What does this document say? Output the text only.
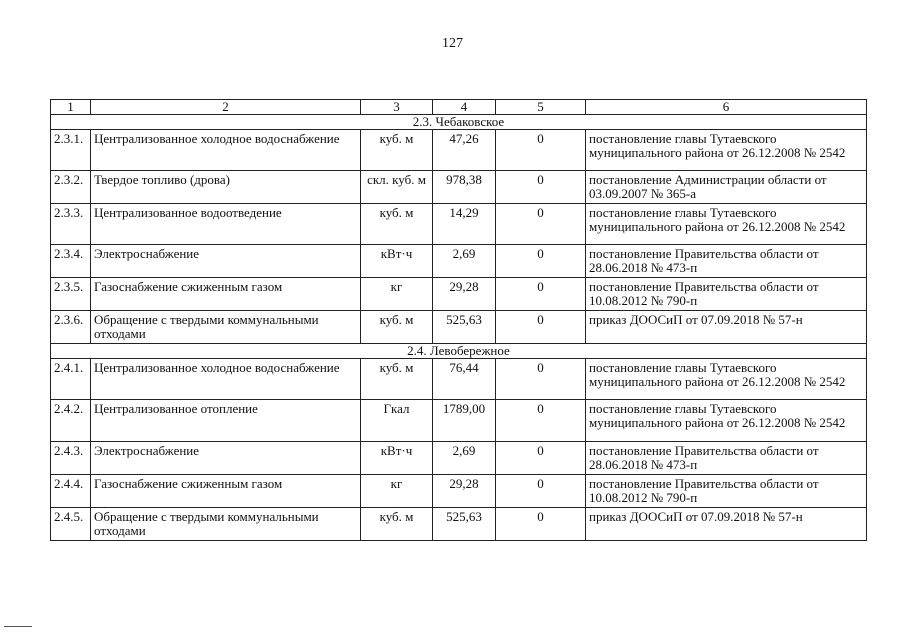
127
1	2	3	4	5	6
2.3. Чебаковское					
2.3.1.	Централизованное холодное водоснабжение	куб. м	47,26	0	постановление главы Тутаевского муниципального района от 26.12.2008 № 2542
2.3.2.	Твердое топливо (дрова)	скл. куб. м	978,38	0	постановление Администрации области от 03.09.2007 № 365-а
2.3.3.	Централизованное водоотведение	куб. м	14,29	0	постановление главы Тутаевского муниципального района от 26.12.2008 № 2542
2.3.4.	Электроснабжение	кВт·ч	2,69	0	постановление Правительства области от 28.06.2018 № 473-п
2.3.5.	Газоснабжение сжиженным газом	кг	29,28	0	постановление Правительства области от 10.08.2012 № 790-п
2.3.6.	Обращение с твердыми коммунальными отходами	куб. м	525,63	0	приказ ДООСиП от 07.09.2018 № 57-н
2.4. Левобережное					
2.4.1.	Централизованное холодное водоснабжение	куб. м	76,44	0	постановление главы Тутаевского муниципального района от 26.12.2008 № 2542
2.4.2.	Централизованное отопление	Гкал	1789,00	0	постановление главы Тутаевского муниципального района от 26.12.2008 № 2542
2.4.3.	Электроснабжение	кВт·ч	2,69	0	постановление Правительства области от 28.06.2018 № 473-п
2.4.4.	Газоснабжение сжиженным газом	кг	29,28	0	постановление Правительства области от 10.08.2012 № 790-п
2.4.5.	Обращение с твердыми коммунальными отходами	куб. м	525,63	0	приказ ДООСиП от 07.09.2018 № 57-н
